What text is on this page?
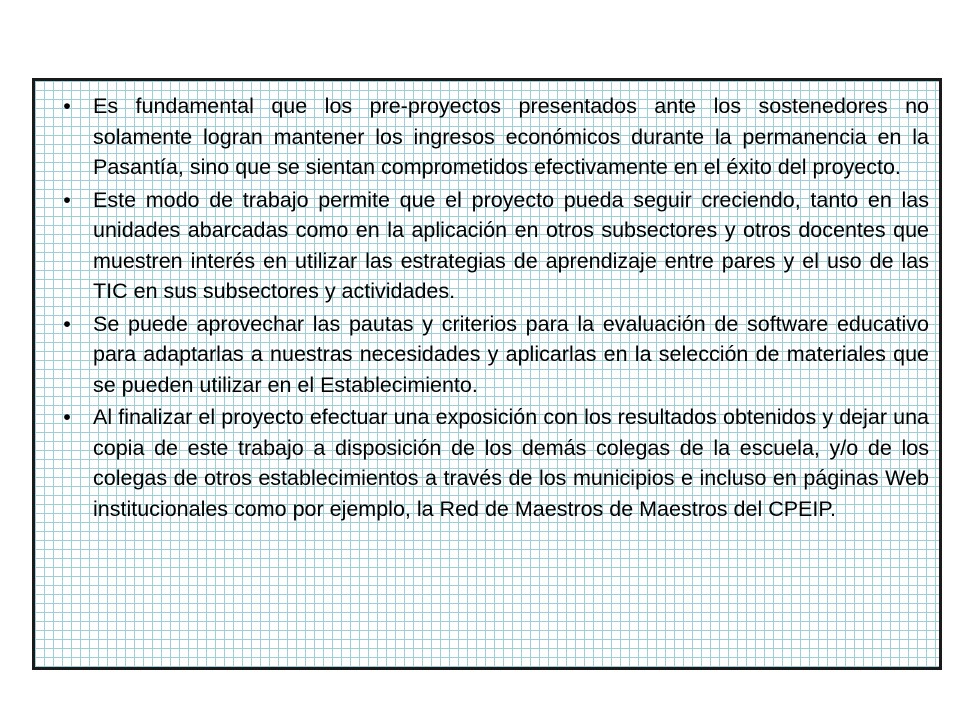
• Es fundamental que los pre-proyectos presentados ante los sostenedores no solamente logran mantener los ingresos económicos durante la permanencia en la Pasantía, sino que se sientan comprometidos efectivamente en el éxito del proyecto.
• Este modo de trabajo permite que el proyecto pueda seguir creciendo, tanto en las unidades abarcadas como en la aplicación en otros subsectores y otros docentes que muestren interés en utilizar las estrategias de aprendizaje entre pares y el uso de las TIC en sus subsectores y actividades.
• Se puede aprovechar las pautas y criterios para la evaluación de software educativo para adaptarlas a nuestras necesidades y aplicarlas en la selección de materiales que se pueden utilizar en el Establecimiento.
• Al finalizar el proyecto efectuar una exposición con los resultados obtenidos y dejar una copia de este trabajo a disposición de los demás colegas de la escuela, y/o de los colegas de otros establecimientos a través de los municipios e incluso en páginas Web institucionales como por ejemplo, la Red de Maestros de Maestros del CPEIP.
